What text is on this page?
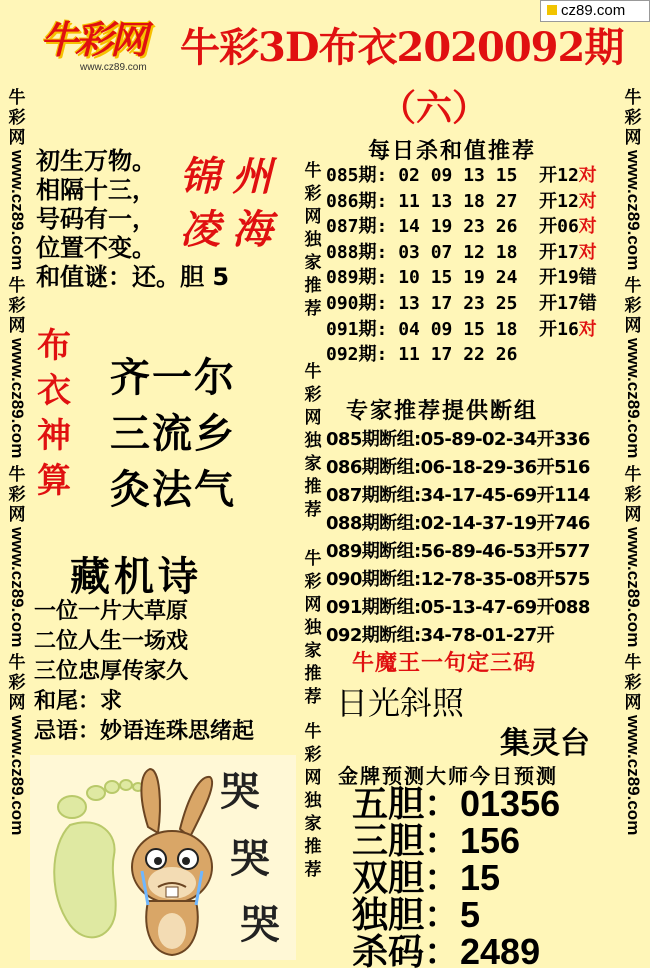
cz89.com
牛彩网
www.cz89.com 牛彩3D布衣2020092期
（六）
牛
彩
网
www.cz89.com
牛
彩
网
www.cz89.com
牛
彩
网
www.cz89.com
牛
彩
网
www.cz89.com
牛
彩
网
www.cz89.com
牛
彩
网
www.cz89.com
牛
彩
网
www.cz89.com
牛
彩
网
www.cz89.com
牛
彩
网
独
家
推
荐
牛
彩
网
独
家
推
荐
牛
彩
网
独
家
推
荐
牛
彩
网
独
家
推
荐
初生万物。
相隔十三，
号码有一，
位置不变。
和值谜：还。胆 5
锦州
凌海
布
衣
神
算
齐一尔
三流乡
灸法气
藏机诗
一位一片大草原
二位人生一场戏
三位忠厚传家久
和尾：求
忌语：妙语连珠思绪起
哭
哭
哭
每日杀和值推荐
085期: 02 09 13 15 开12对
086期: 11 13 18 27 开12对
087期: 14 19 23 26 开06对
088期: 03 07 12 18 开17对
089期: 10 15 19 24 开19错
090期: 13 17 23 25 开17错
091期: 04 09 15 18 开16对
092期: 11 17 22 26
专家推荐提供断组
085期断组:05-89-02-34开336
086期断组:06-18-29-36开516
087期断组:34-17-45-69开114
088期断组:02-14-37-19开746
089期断组:56-89-46-53开577
090期断组:12-78-35-08开575
091期断组:05-13-47-69开088
092期断组:34-78-01-27开
牛魔王一句定三码
日光斜照
集灵台
金牌预测大师今日预测
五胆：01356
三胆：156
双胆：15
独胆：5
杀码：2489
